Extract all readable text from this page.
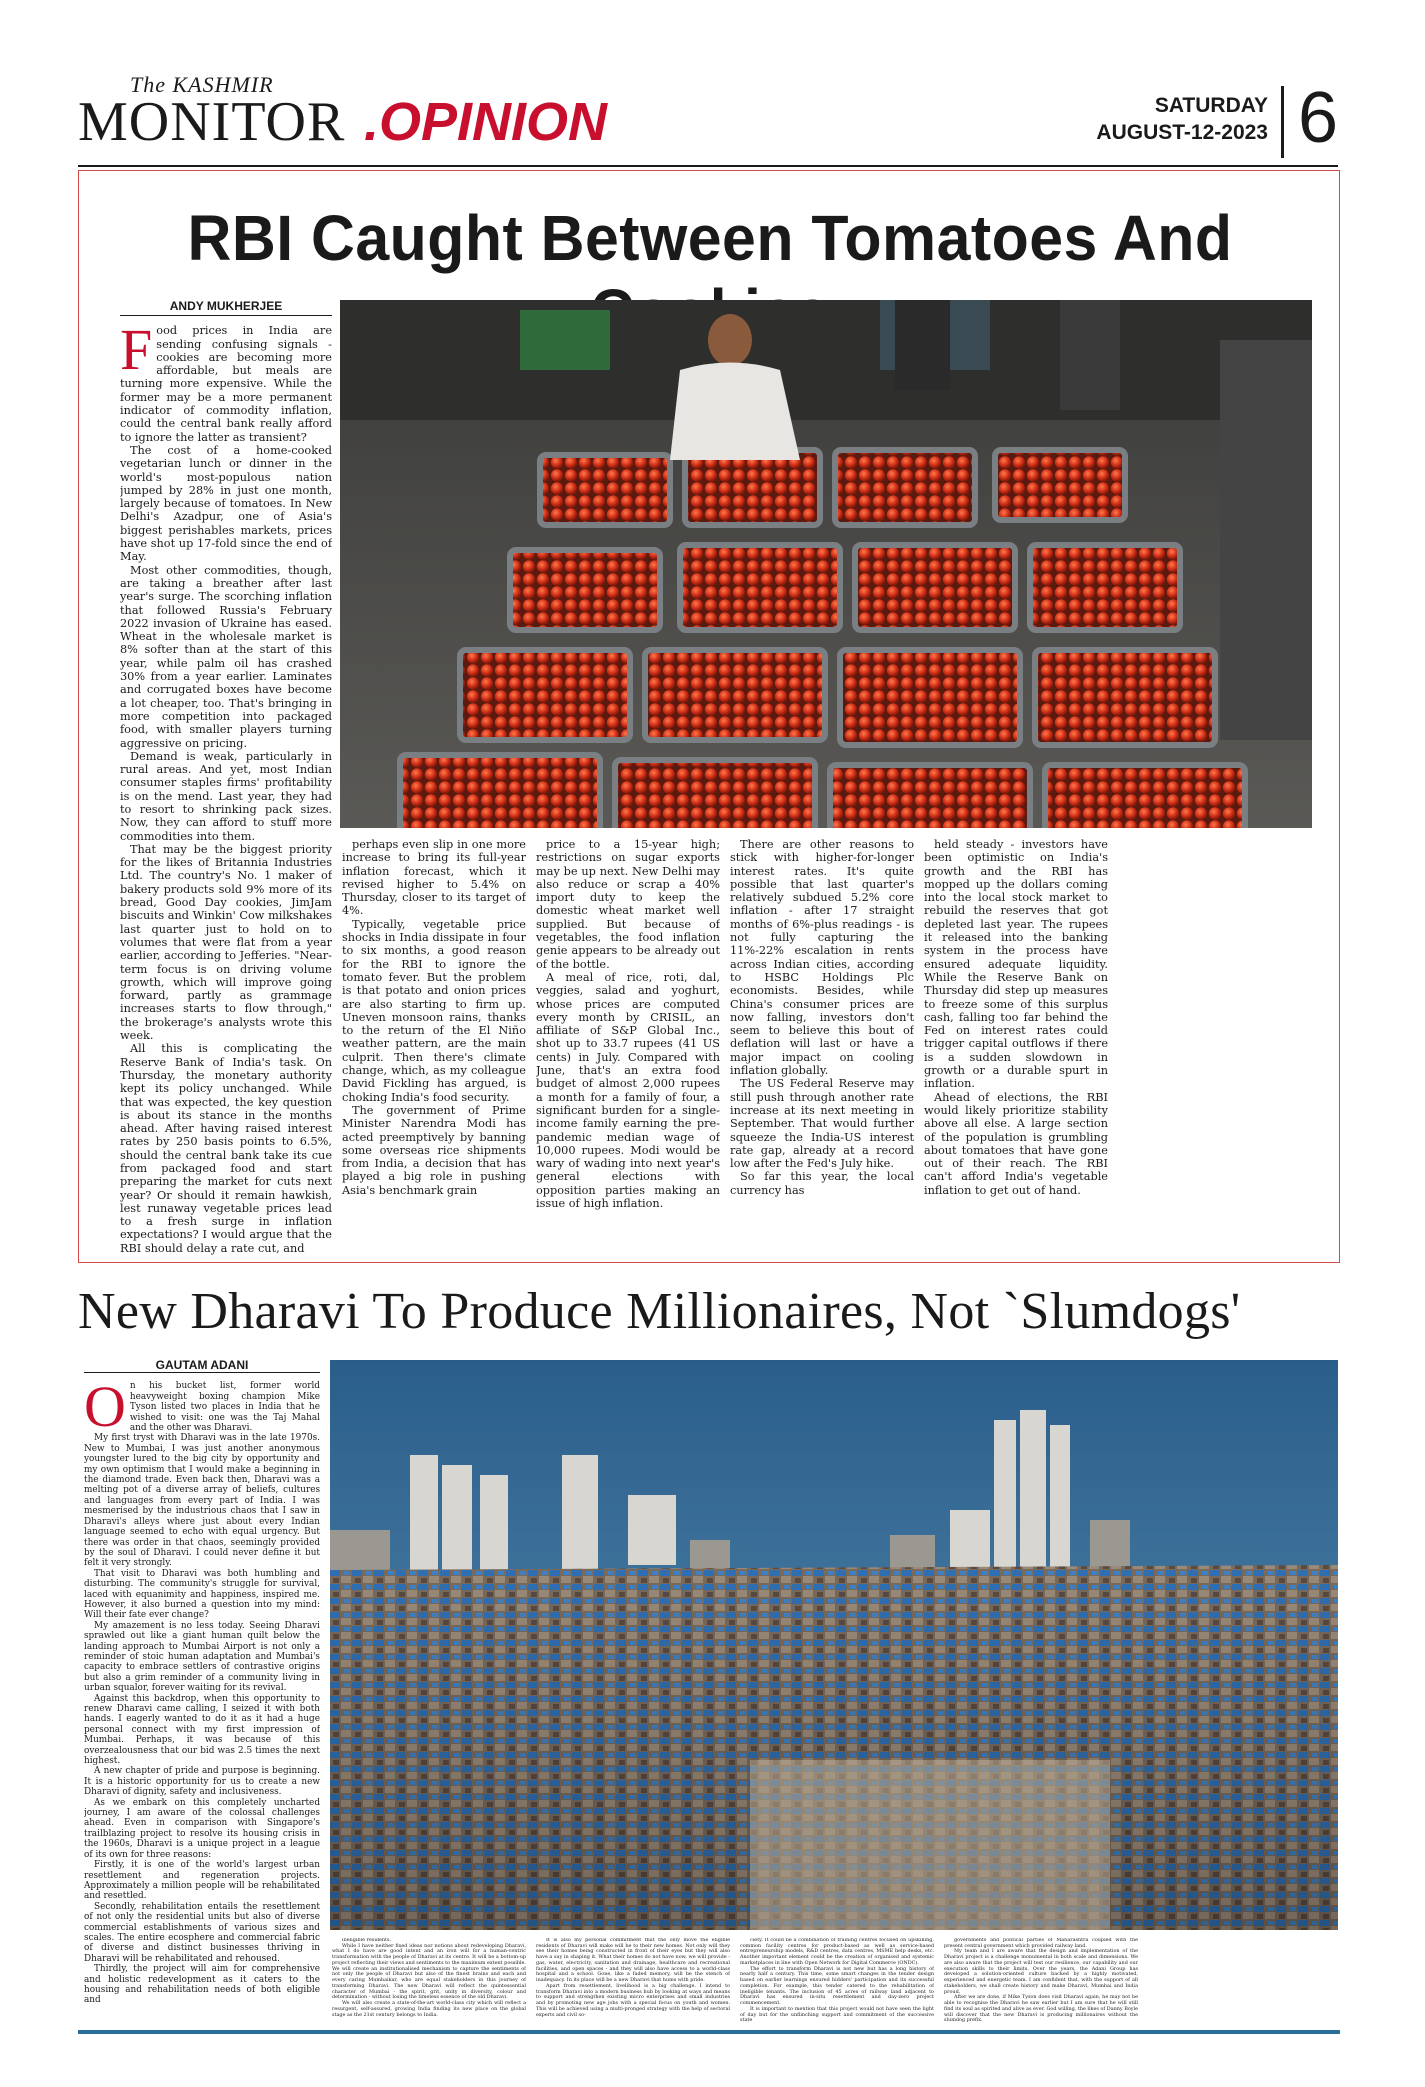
The KASHMIR
MONITOR .OPINION	SATURDAY
AUGUST-12-2023 6
RBI Caught Between Tomatoes And
ANDY MUKHERJEE

Food prices in India are sending confusing signals - cookies are becoming more affordable, but meals are turning more expensive. While the former may be a more permanent indicator of commodity inflation, could the central bank really afford to ignore the latter as transient?

The cost of a home-cooked vegetarian lunch or dinner in the world's most-populous nation jumped by 28% in just one month, largely because of tomatoes. In New Delhi's Azadpur, one of Asia's biggest perishables markets, prices have shot up 17-fold since the end of May.

Most other commodities, though, are taking a breather after last year's surge. The scorching inflation that followed Russia's February 2022 invasion of Ukraine has eased. Wheat in the wholesale market is 8% softer than at the start of this year, while palm oil has crashed 30% from a year earlier. Laminates and corrugated boxes have become a lot cheaper, too. That's bringing in more competition into packaged food, with smaller players turning aggressive on pricing.

Demand is weak, particularly in rural areas. And yet, most Indian consumer staples firms' profitability is on the mend. Last year, they had to resort to shrinking pack sizes. Now, they can afford to stuff more commodities into them.

That may be the biggest priority for the likes of Britannia Industries Ltd. The country's No. 1 maker of bakery products sold 9% more of its bread, Good Day cookies, JimJam biscuits and Winkin' Cow milkshakes last quarter just to hold on to volumes that were flat from a year earlier, according to Jefferies. "Near-term focus is on driving volume growth, which will improve going forward, partly as grammage increases starts to flow through," the brokerage's analysts wrote this week.

All this is complicating the Reserve Bank of India's task. On Thursday, the monetary authority kept its policy unchanged. While that was expected, the key question is about its stance in the months ahead. After having raised interest rates by 250 basis points to 6.5%, should the central bank take its cue from packaged food and start preparing the market for cuts next year? Or should it remain hawkish, lest runaway vegetable prices lead to a fresh surge in inflation expectations? I would argue that the RBI should delay a rate cut, and

perhaps even slip in one more increase to bring its full-year inflation forecast, which it revised higher to 5.4% on Thursday, closer to its target of 4%.

Typically, vegetable price shocks in India dissipate in four to six months, a good reason for the RBI to ignore the tomato fever. But the problem is that potato and onion prices are also starting to firm up. Uneven monsoon rains, thanks to the return of the El Niño weather pattern, are the main culprit. Then there's climate change, which, as my colleague David Fickling has argued, is choking India's food security.

The government of Prime Minister Narendra Modi has acted preemptively by banning some overseas rice shipments from India, a decision that has played a big role in pushing Asia's benchmark grain

price to a 15-year high; restrictions on sugar exports may be up next. New Delhi may also reduce or scrap a 40% import duty to keep the domestic wheat market well supplied. But because of vegetables, the food inflation genie appears to be already out of the bottle.

A meal of rice, roti, dal, veggies, salad and yoghurt, whose prices are computed every month by CRISIL, an affiliate of S&P Global Inc., shot up to 33.7 rupees (41 US cents) in July. Compared with June, that's an extra food budget of almost 2,000 rupees a month for a family of four, a significant burden for a single-income family earning the pre-pandemic median wage of 10,000 rupees. Modi would be wary of wading into next year's general elections with opposition parties making an issue of high inflation.

There are other reasons to stick with higher-for-longer interest rates. It's quite possible that last quarter's relatively subdued 5.2% core inflation - after 17 straight months of 6%-plus readings - is not fully capturing the 11%-22% escalation in rents across Indian cities, according to HSBC Holdings Plc economists. Besides, while China's consumer prices are now falling, investors don't seem to believe this bout of deflation will last or have a major impact on cooling inflation globally.

The US Federal Reserve may still push through another rate increase at its next meeting in September. That would further squeeze the India-US interest rate gap, already at a record low after the Fed's July hike.

So far this year, the local currency has

held steady - investors have been optimistic on India's growth and the RBI has mopped up the dollars coming into the local stock market to rebuild the reserves that got depleted last year. The rupees it released into the banking system in the process have ensured adequate liquidity. While the Reserve Bank on Thursday did step up measures to freeze some of this surplus cash, falling too far behind the Fed on interest rates could trigger capital outflows if there is a sudden slowdown in growth or a durable spurt in inflation.

Ahead of elections, the RBI would likely prioritize stability above all else. A large section of the population is grumbling about tomatoes that have gone out of their reach. The RBI can't afford India's vegetable inflation to get out of hand.

New Dharavi To Produce Millionaires, Not `Slumdogs'
GAUTAM ADANI

On his bucket list, former world heavyweight boxing champion Mike Tyson listed two places in India that he wished to visit: one was the Taj Mahal and the other was Dharavi.

My first tryst with Dharavi was in the late 1970s. New to Mumbai, I was just another anonymous youngster lured to the big city by opportunity and my own optimism that I would make a beginning in the diamond trade. Even back then, Dharavi was a melting pot of a diverse array of beliefs, cultures and languages from every part of India. I was mesmerised by the industrious chaos that I saw in Dharavi's alleys where just about every Indian language seemed to echo with equal urgency. But there was order in that chaos, seemingly provided by the soul of Dharavi. I could never define it but felt it very strongly.

That visit to Dharavi was both humbling and disturbing. The community's struggle for survival, laced with equanimity and happiness, inspired me. However, it also burned a question into my mind: Will their fate ever change?

My amazement is no less today. Seeing Dharavi sprawled out like a giant human quilt below the landing approach to Mumbai Airport is not only a reminder of stoic human adaptation and Mumbai's capacity to embrace settlers of contrastive origins but also a grim reminder of a community living in urban squalor, forever waiting for its revival.

Against this backdrop, when this opportunity to renew Dharavi came calling, I seized it with both hands. I eagerly wanted to do it as it had a huge personal connect with my first impression of Mumbai. Perhaps, it was because of this overzealousness that our bid was 2.5 times the next highest.

A new chapter of pride and purpose is beginning. It is a historic opportunity for us to create a new Dharavi of dignity, safety and inclusiveness.

As we embark on this completely uncharted journey, I am aware of the colossal challenges ahead. Even in comparison with Singapore's trailblazing project to resolve its housing crisis in the 1960s, Dharavi is a unique project in a league of its own for three reasons:

Firstly, it is one of the world's largest urban resettlement and regeneration projects. Approximately a million people will be rehabilitated and resettled.

Secondly, rehabilitation entails the resettlement of not only the residential units but also of diverse commercial establishments of various sizes and scales. The entire ecosphere and commercial fabric of diverse and distinct businesses thriving in Dharavi will be rehabilitated and rehoused.

Thirdly, the project will aim for comprehensive and holistic redevelopment as it caters to the housing and rehabilitation needs of both eligible and

ineligible residents.

While I have neither fixed ideas nor notions about redeveloping Dharavi, what I do have are good intent and an iron will for a human-centric transformation with the people of Dharavi at its centre. It will be a bottom-up project reflecting their views and sentiments to the maximum extent possible. We will create an institutionalised mechanism to capture the sentiments of not only the people of Dharavi but also of the finest brains and each and every caring Mumbaikar, who are equal stakeholders in this journey of transforming Dharavi. The new Dharavi will reflect the quintessential character of Mumbai - the spirit, grit, unity in diversity, colour and determination - without losing the timeless essence of the old Dharavi.

We will also create a state-of-the-art world-class city which will reflect a resurgent, self-assured, growing India finding its new place on the global stage as the 21st century belongs to India.

It is also my personal commitment that the only move the eligible residents of Dharavi will make will be to their new homes. Not only will they see their homes being constructed in front of their eyes but they will also have a say in shaping it. What their homes do not have now, we will provide - gas, water, electricity, sanitation and drainage, healthcare and recreational facilities, and open spaces - and they will also have access to a world-class hospital and a school. Gone, like a faded memory, will be the stench of inadequacy. In its place will be a new Dharavi that hums with pride.

Apart from resettlement, livelihood is a big challenge. I intend to transform Dharavi into a modern business hub by looking at ways and means to support and strengthen existing micro enterprises and small industries and by promoting new age jobs with a special focus on youth and women. This will be achieved using a multi-pronged strategy with the help of sectoral experts and civil so-

ciety. It could be a combination of training centres focused on upskilling, common facility centres for product-based as well as service-based entrepreneurship models, R&D centres, data centres, MSME help desks, etc. Another important element could be the creation of organised and systemic marketplaces in line with Open Network for Digital Commerce (ONDC).

The effort to transform Dharavi is not new but has a long history of nearly half a century. This time, some smart changes in the tender design based on earlier learnings ensured bidders' participation and its successful completion. For example, this tender catered to the rehabilitation of ineligible tenants. The inclusion of 45 acres of railway land adjacent to Dharavi has ensured in-situ resettlement and day-zero project commencement.

It is important to mention that this project would not have seen the light of day but for the unflinching support and commitment of the successive state

governments and political parties of Maharashtra coupled with the present central government which provided railway land.

My team and I are aware that the design and implementation of the Dharavi project is a challenge monumental in both scale and dimensions. We are also aware that the project will test our resilience, our capability and our execution skills to their limits. Over the years, the Adani Group has developed a solution-oriented culture backed by a highly motivated, experienced and energetic team. I am confident that, with the support of all stakeholders, we shall create history and make Dharavi, Mumbai and India proud.

After we are done, if Mike Tyson does visit Dharavi again, he may not be able to recognise the Dharavi he saw earlier but I am sure that he will still find its soul as spirited and alive as ever. God willing, the likes of Danny Boyle will discover that the new Dharavi is producing millionaires without the slumdog prefix.
